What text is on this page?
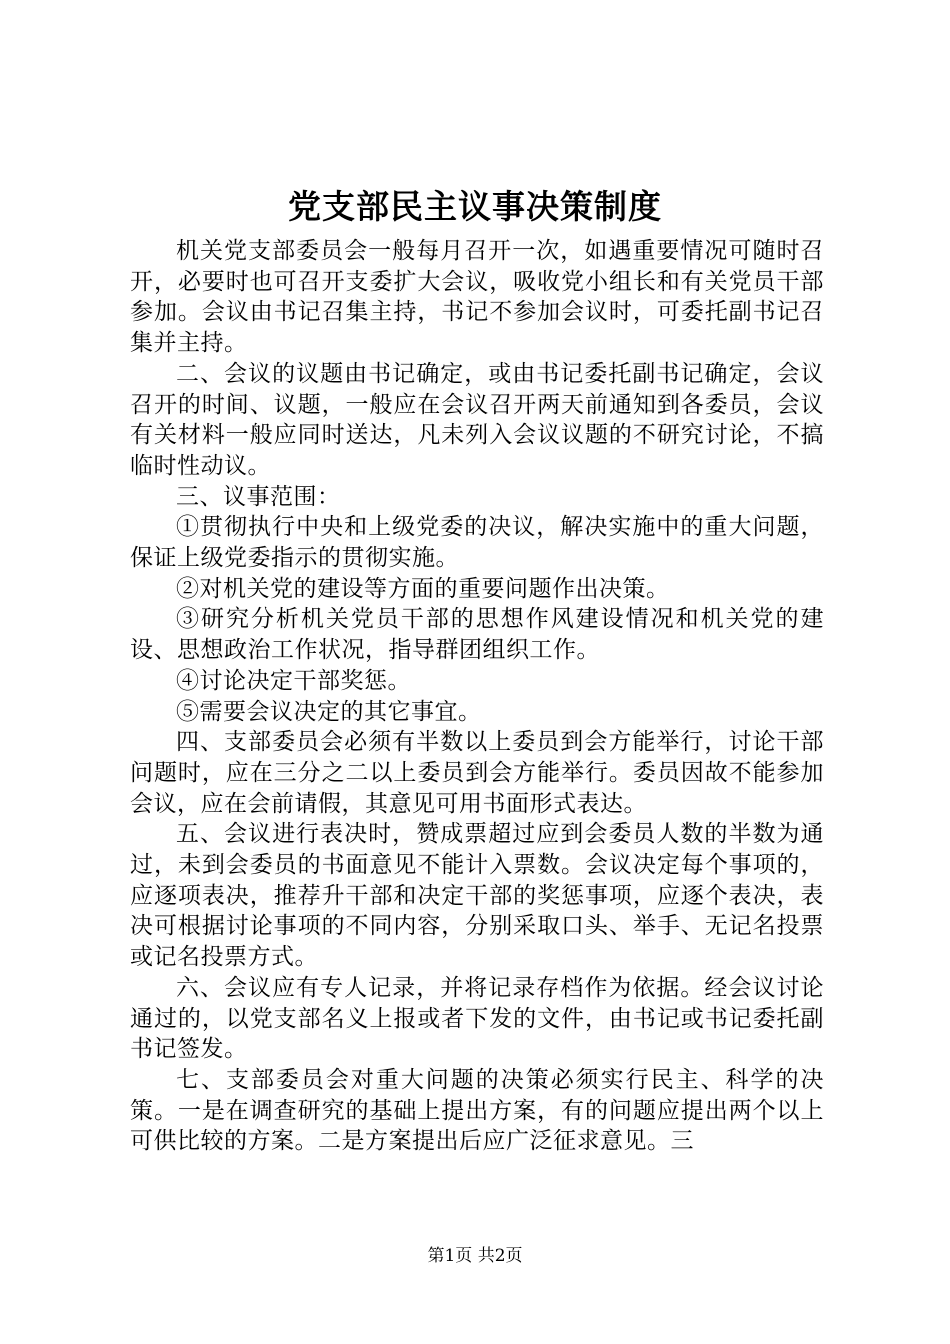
党支部民主议事决策制度

机关党支部委员会一般每月召开一次，如遇重要情况可随时召开，必要时也可召开支委扩大会议，吸收党小组长和有关党员干部参加。会议由书记召集主持，书记不参加会议时，可委托副书记召集并主持。

二、会议的议题由书记确定，或由书记委托副书记确定，会议召开的时间、议题，一般应在会议召开两天前通知到各委员，会议有关材料一般应同时送达，凡未列入会议议题的不研究讨论，不搞临时性动议。

三、议事范围：

①贯彻执行中央和上级党委的决议，解决实施中的重大问题，保证上级党委指示的贯彻实施。

②对机关党的建设等方面的重要问题作出决策。

③研究分析机关党员干部的思想作风建设情况和机关党的建设、思想政治工作状况，指导群团组织工作。

④讨论决定干部奖惩。

⑤需要会议决定的其它事宜。

四、支部委员会必须有半数以上委员到会方能举行，讨论干部问题时，应在三分之二以上委员到会方能举行。委员因故不能参加会议，应在会前请假，其意见可用书面形式表达。

五、会议进行表决时，赞成票超过应到会委员人数的半数为通过，未到会委员的书面意见不能计入票数。会议决定每个事项的，应逐项表决，推荐升干部和决定干部的奖惩事项，应逐个表决，表决可根据讨论事项的不同内容，分别采取口头、举手、无记名投票或记名投票方式。

六、会议应有专人记录，并将记录存档作为依据。经会议讨论通过的，以党支部名义上报或者下发的文件，由书记或书记委托副书记签发。

七、支部委员会对重大问题的决策必须实行民主、科学的决策。一是在调查研究的基础上提出方案，有的问题应提出两个以上可供比较的方案。二是方案提出后应广泛征求意见。三

第1页 共2页
